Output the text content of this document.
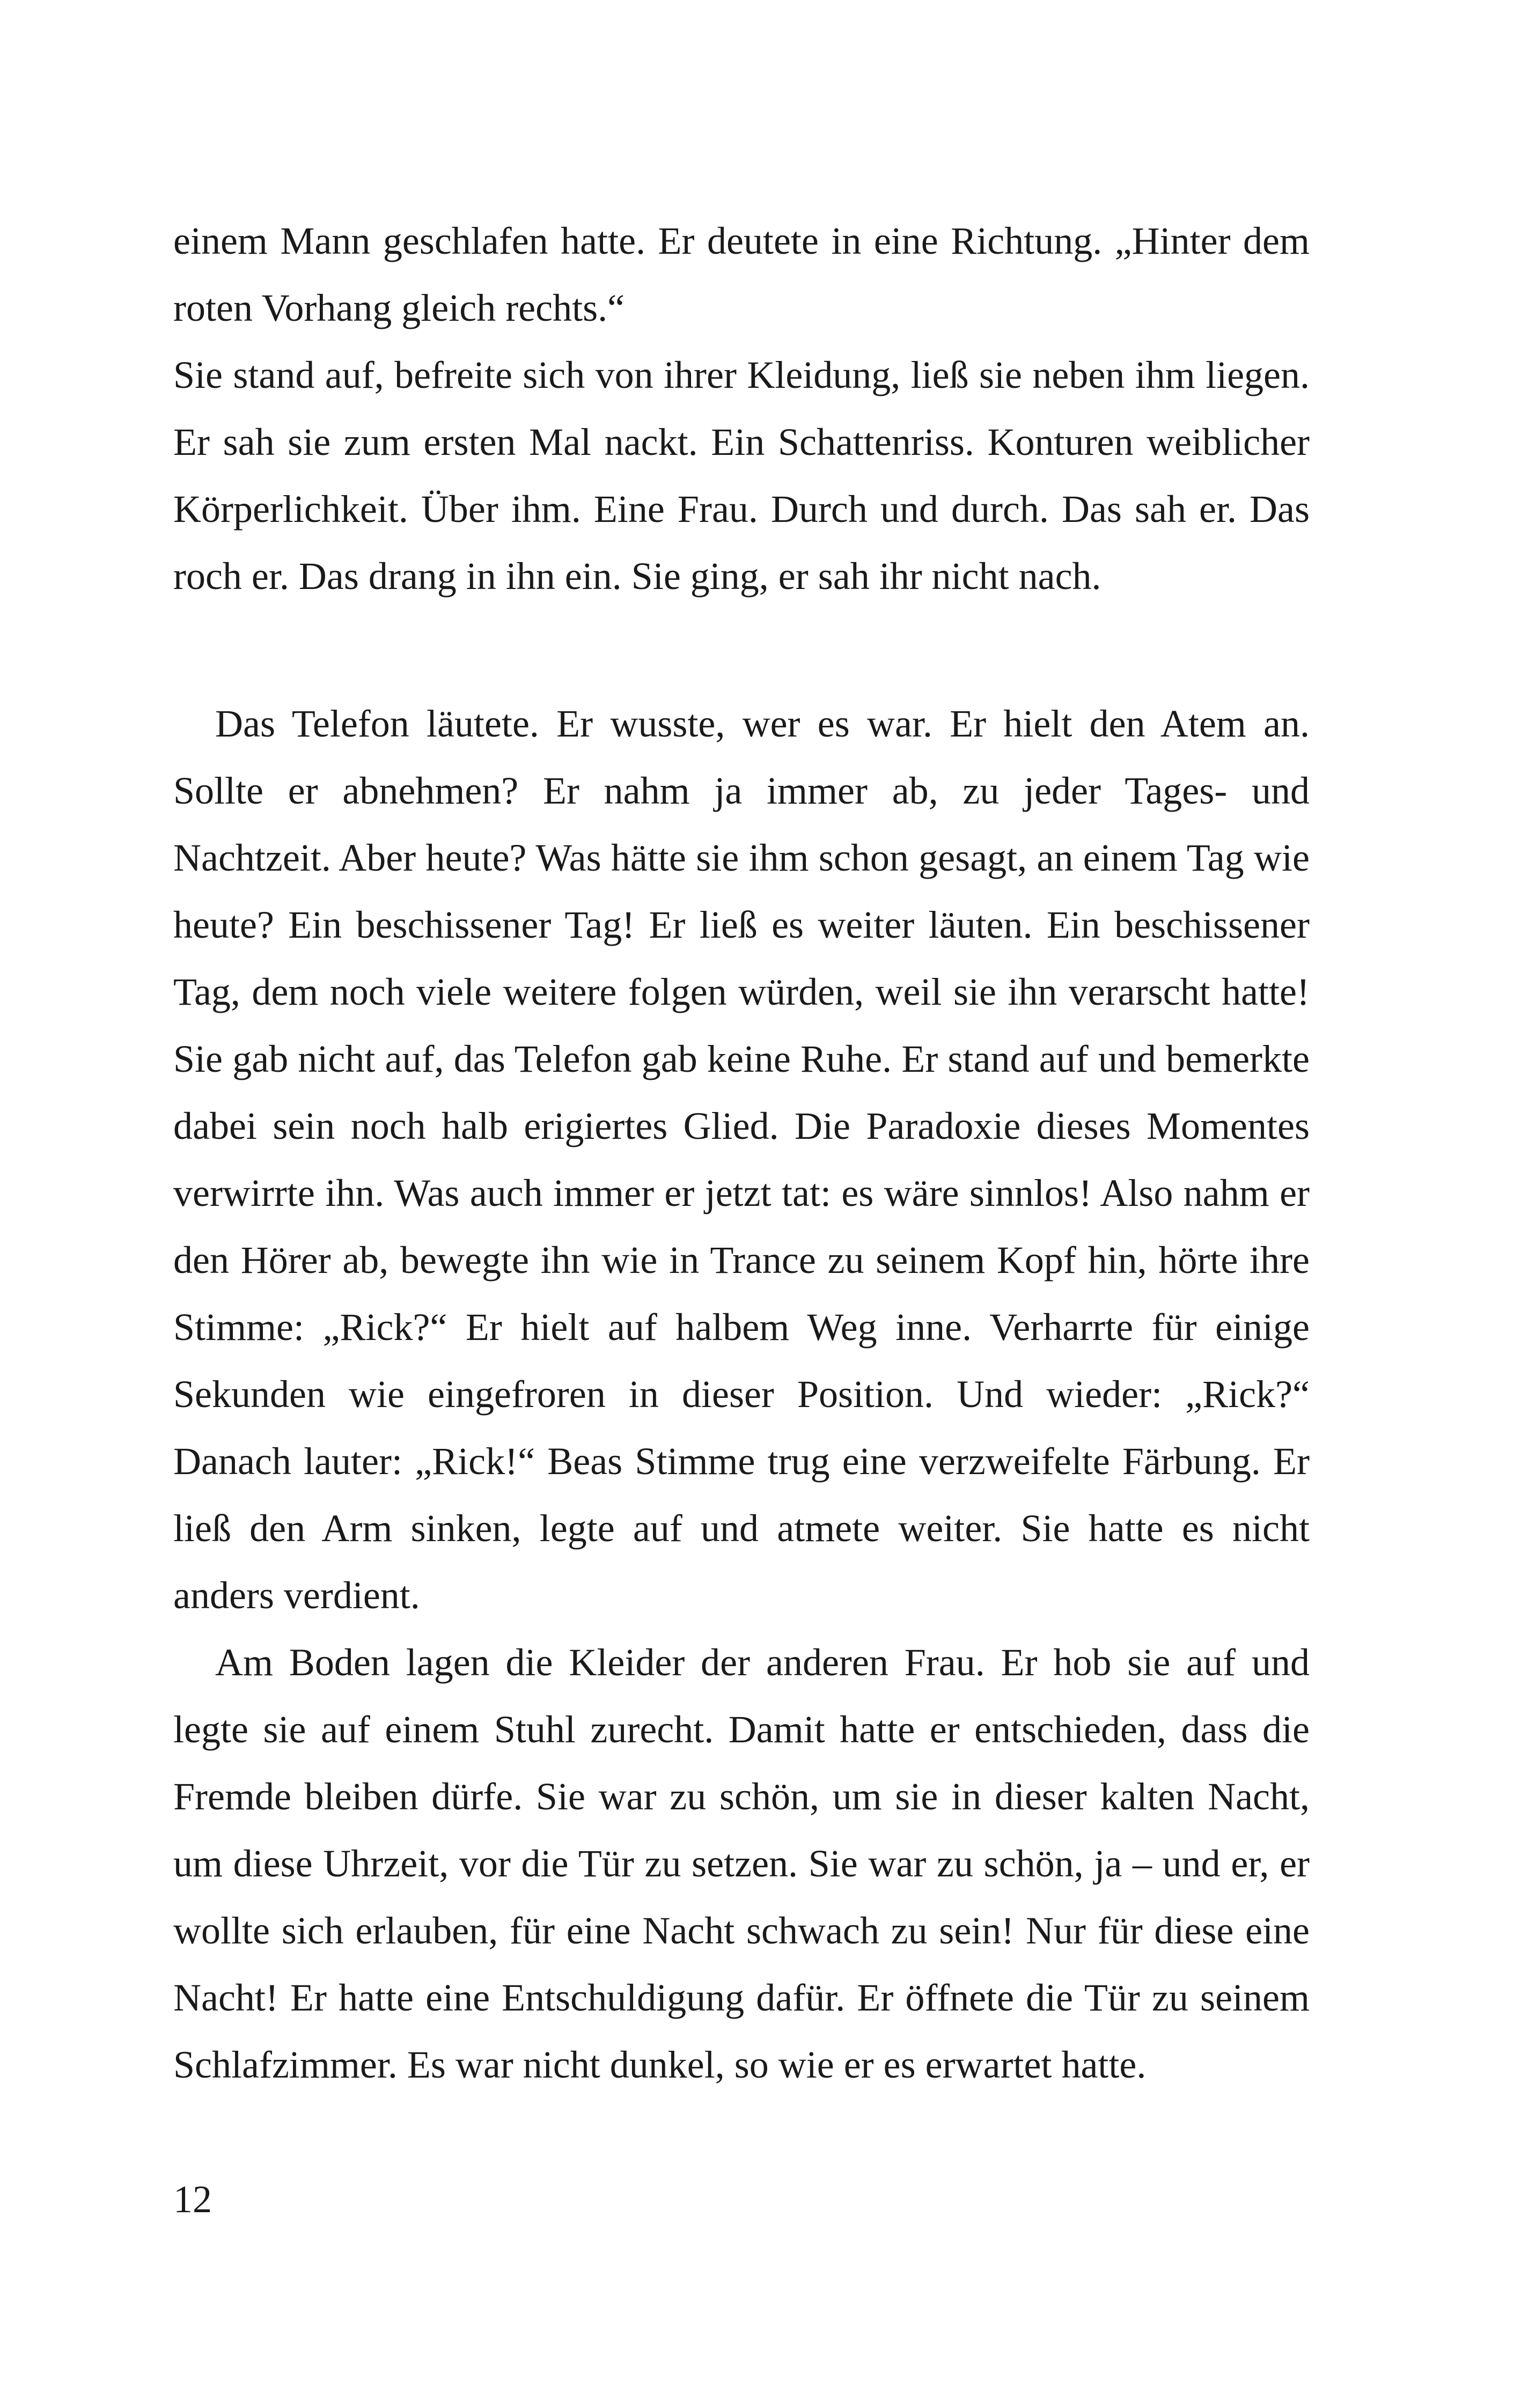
einem Mann geschlafen hatte. Er deutete in eine Richtung. „Hinter dem roten Vorhang gleich rechts.“

Sie stand auf, befreite sich von ihrer Kleidung, ließ sie neben ihm liegen. Er sah sie zum ersten Mal nackt. Ein Schattenriss. Konturen weiblicher Körperlichkeit. Über ihm. Eine Frau. Durch und durch. Das sah er. Das roch er. Das drang in ihn ein. Sie ging, er sah ihr nicht nach.

Das Telefon läutete. Er wusste, wer es war. Er hielt den Atem an. Sollte er abnehmen? Er nahm ja immer ab, zu jeder Tages- und Nachtzeit. Aber heute? Was hätte sie ihm schon gesagt, an einem Tag wie heute? Ein beschissener Tag! Er ließ es weiter läuten. Ein beschissener Tag, dem noch viele weitere folgen würden, weil sie ihn verarscht hatte! Sie gab nicht auf, das Telefon gab keine Ruhe. Er stand auf und bemerkte dabei sein noch halb erigiertes Glied. Die Paradoxie dieses Momentes verwirrte ihn. Was auch immer er jetzt tat: es wäre sinnlos! Also nahm er den Hörer ab, bewegte ihn wie in Trance zu seinem Kopf hin, hörte ihre Stimme: „Rick?“ Er hielt auf halbem Weg inne. Verharrte für einige Sekunden wie eingefroren in dieser Position. Und wieder: „Rick?“ Danach lauter: „Rick!“ Beas Stimme trug eine verzweifelte Färbung. Er ließ den Arm sinken, legte auf und atmete weiter. Sie hatte es nicht anders verdient.

Am Boden lagen die Kleider der anderen Frau. Er hob sie auf und legte sie auf einem Stuhl zurecht. Damit hatte er entschieden, dass die Fremde bleiben dürfe. Sie war zu schön, um sie in dieser kalten Nacht, um diese Uhrzeit, vor die Tür zu setzen. Sie war zu schön, ja – und er, er wollte sich erlauben, für eine Nacht schwach zu sein! Nur für diese eine Nacht! Er hatte eine Entschuldigung dafür. Er öffnete die Tür zu seinem Schlafzimmer. Es war nicht dunkel, so wie er es erwartet hatte.

12
